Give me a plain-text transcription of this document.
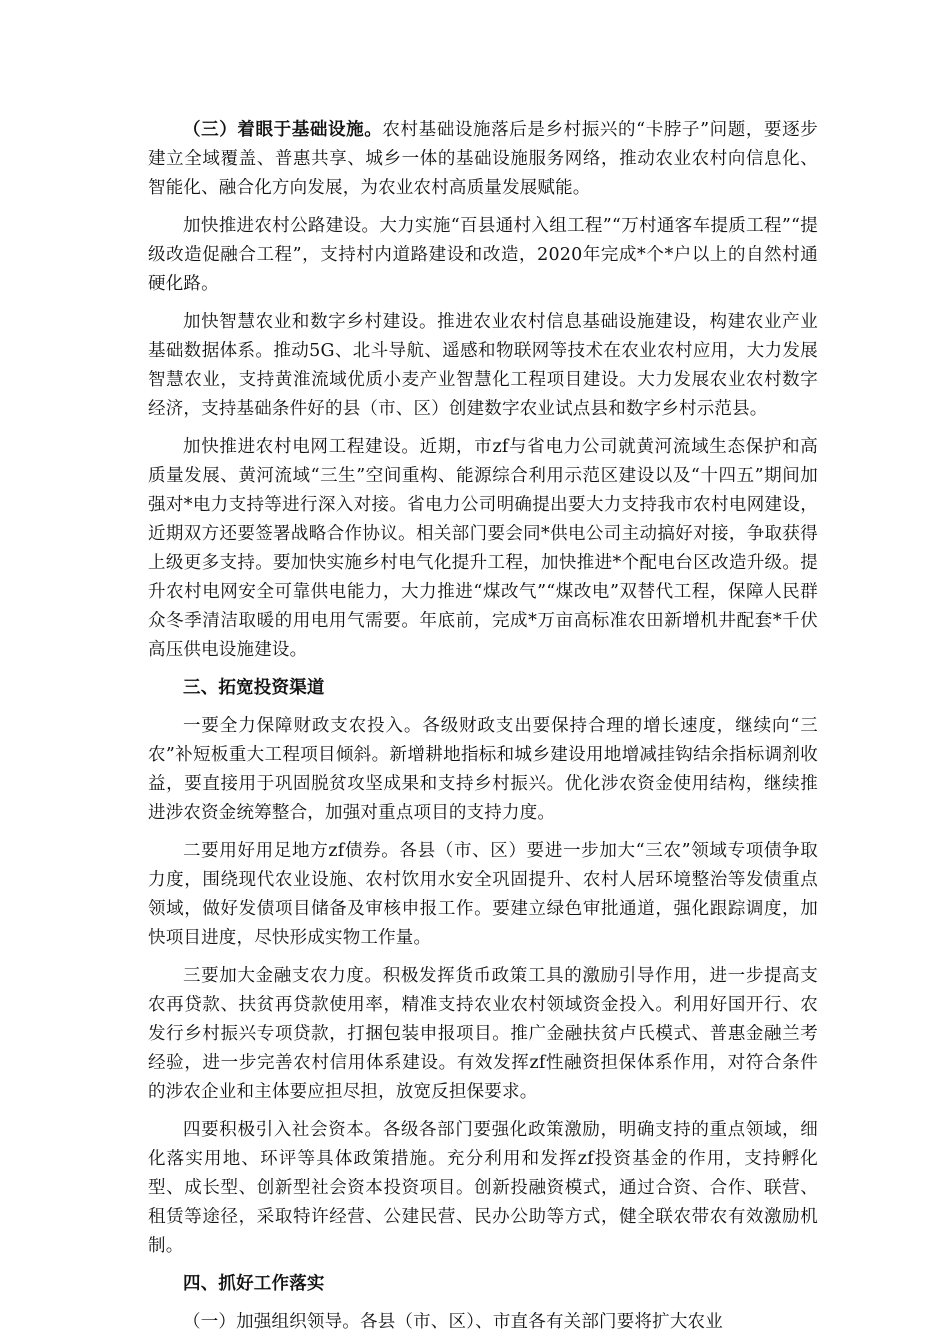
（三）着眼于基础设施。农村基础设施落后是乡村振兴的“卡脖子”问题，要逐步建立全域覆盖、普惠共享、城乡一体的基础设施服务网络，推动农业农村向信息化、智能化、融合化方向发展，为农业农村高质量发展赋能。

加快推进农村公路建设。大力实施“百县通村入组工程”“万村通客车提质工程”“提级改造促融合工程”，支持村内道路建设和改造，2020年完成*个*户以上的自然村通硬化路。

加快智慧农业和数字乡村建设。推进农业农村信息基础设施建设，构建农业产业基础数据体系。推动5G、北斗导航、遥感和物联网等技术在农业农村应用，大力发展智慧农业，支持黄淮流域优质小麦产业智慧化工程项目建设。大力发展农业农村数字经济，支持基础条件好的县（市、区）创建数字农业试点县和数字乡村示范县。

加快推进农村电网工程建设。近期，市zf与省电力公司就黄河流域生态保护和高质量发展、黄河流域“三生”空间重构、能源综合利用示范区建设以及“十四五”期间加强对*电力支持等进行深入对接。省电力公司明确提出要大力支持我市农村电网建设，近期双方还要签署战略合作协议。相关部门要会同*供电公司主动搞好对接，争取获得上级更多支持。要加快实施乡村电气化提升工程，加快推进*个配电台区改造升级。提升农村电网安全可靠供电能力，大力推进“煤改气”“煤改电”双替代工程，保障人民群众冬季清洁取暖的用电用气需要。年底前，完成*万亩高标准农田新增机井配套*千伏高压供电设施建设。

三、拓宽投资渠道

一要全力保障财政支农投入。各级财政支出要保持合理的增长速度，继续向“三农”补短板重大工程项目倾斜。新增耕地指标和城乡建设用地增减挂钩结余指标调剂收益，要直接用于巩固脱贫攻坚成果和支持乡村振兴。优化涉农资金使用结构，继续推进涉农资金统筹整合，加强对重点项目的支持力度。

二要用好用足地方zf债券。各县（市、区）要进一步加大“三农”领域专项债争取力度，围绕现代农业设施、农村饮用水安全巩固提升、农村人居环境整治等发债重点领域，做好发债项目储备及审核申报工作。要建立绿色审批通道，强化跟踪调度，加快项目进度，尽快形成实物工作量。

三要加大金融支农力度。积极发挥货币政策工具的激励引导作用，进一步提高支农再贷款、扶贫再贷款使用率，精准支持农业农村领域资金投入。利用好国开行、农发行乡村振兴专项贷款，打捆包装申报项目。推广金融扶贫卢氏模式、普惠金融兰考经验，进一步完善农村信用体系建设。有效发挥zf性融资担保体系作用，对符合条件的涉农企业和主体要应担尽担，放宽反担保要求。

四要积极引入社会资本。各级各部门要强化政策激励，明确支持的重点领域，细化落实用地、环评等具体政策措施。充分利用和发挥zf投资基金的作用，支持孵化型、成长型、创新型社会资本投资项目。创新投融资模式，通过合资、合作、联营、租赁等途径，采取特许经营、公建民营、民办公助等方式，健全联农带农有效激励机制。

四、抓好工作落实

（一）加强组织领导。各县（市、区）、市直各有关部门要将扩大农业
